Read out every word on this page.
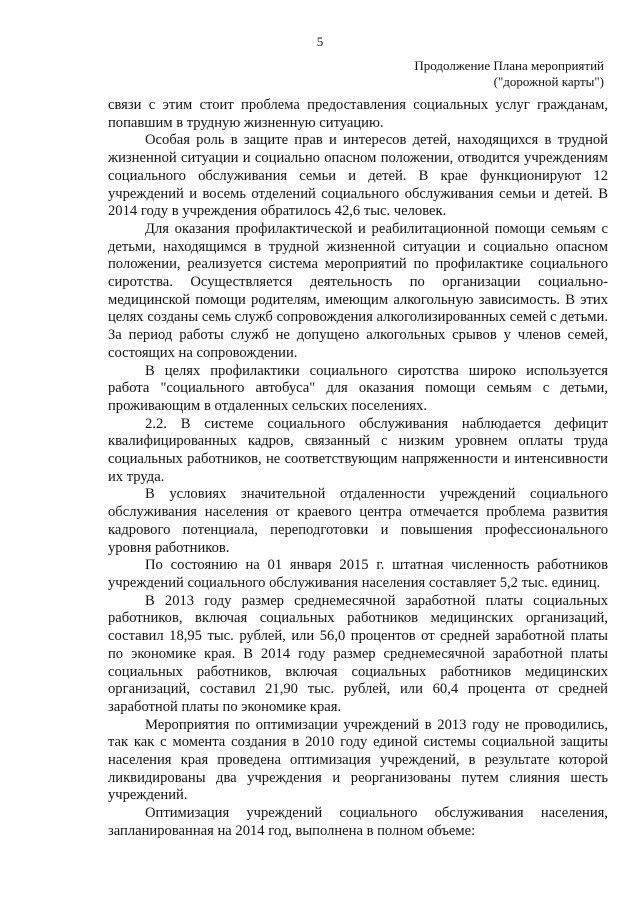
5
Продолжение Плана мероприятий
("дорожной карты")

связи с этим стоит проблема предоставления социальных услуг гражданам, попавшим в трудную жизненную ситуацию.

Особая роль в защите прав и интересов детей, находящихся в трудной жизненной ситуации и социально опасном положении, отводится учреждениям социального обслуживания семьи и детей. В крае функционируют 12 учреждений и восемь отделений социального обслуживания семьи и детей. В 2014 году в учреждения обратилось 42,6 тыс. человек.

Для оказания профилактической и реабилитационной помощи семьям с детьми, находящимся в трудной жизненной ситуации и социально опасном положении, реализуется система мероприятий по профилактике социального сиротства. Осуществляется деятельность по организации социально-медицинской помощи родителям, имеющим алкогольную зависимость. В этих целях созданы семь служб сопровождения алкоголизированных семей с детьми. За период работы служб не допущено алкогольных срывов у членов семей, состоящих на сопровождении.

В целях профилактики социального сиротства широко используется работа "социального автобуса" для оказания помощи семьям с детьми, проживающим в отдаленных сельских поселениях.

2.2. В системе социального обслуживания наблюдается дефицит квалифицированных кадров, связанный с низким уровнем оплаты труда социальных работников, не соответствующим напряженности и интенсивности их труда.

В условиях значительной отдаленности учреждений социального обслуживания населения от краевого центра отмечается проблема развития кадрового потенциала, переподготовки и повышения профессионального уровня работников.

По состоянию на 01 января 2015 г. штатная численность работников учреждений социального обслуживания населения составляет 5,2 тыс. единиц.

В 2013 году размер среднемесячной заработной платы социальных работников, включая социальных работников медицинских организаций, составил 18,95 тыс. рублей, или 56,0 процентов от средней заработной платы по экономике края. В 2014 году размер среднемесячной заработной платы социальных работников, включая социальных работников медицинских организаций, составил 21,90 тыс. рублей, или 60,4 процента от средней заработной платы по экономике края.

Мероприятия по оптимизации учреждений в 2013 году не проводились, так как с момента создания в 2010 году единой системы социальной защиты населения края проведена оптимизация учреждений, в результате которой ликвидированы два учреждения и реорганизованы путем слияния шесть учреждений.

Оптимизация учреждений социального обслуживания населения, запланированная на 2014 год, выполнена в полном объеме:
